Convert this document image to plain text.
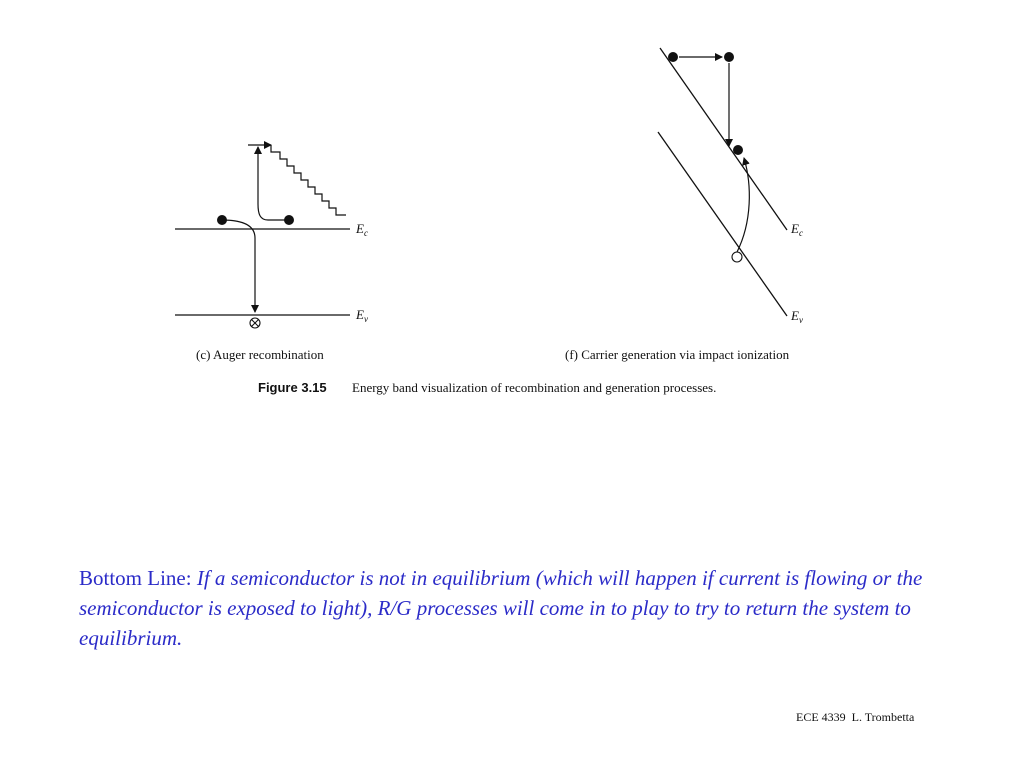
$E_c$
$E_v$
(c) Auger recombination
$E_c$
$E_v$
(f) Carrier generation via impact ionization
Figure 3.15 Energy band visualization of recombination and generation processes.

Bottom Line: If a semiconductor is not in equilibrium (which will happen if current is flowing or the semiconductor is exposed to light), R/G processes will come in to play to try to return the system to equilibrium.

ECE 4339  L. Trombetta
